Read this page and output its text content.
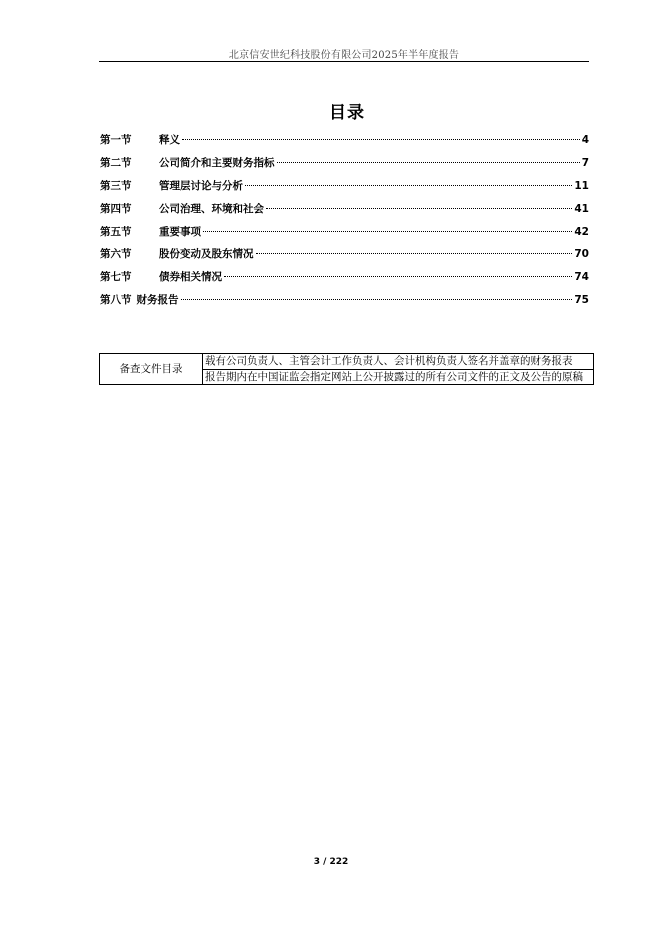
北京信安世纪科技股份有限公司2025年半年度报告
目录
第一节	释义	4
第二节	公司简介和主要财务指标	7
第三节	管理层讨论与分析	11
第四节	公司治理、环境和社会	41
第五节	重要事项	42
第六节	股份变动及股东情况	70
第七节	债券相关情况	74
第八节 财务报告	75
备查文件目录	载有公司负责人、主管会计工作负责人、会计机构负责人签名并盖章的财务报表
报告期内在中国证监会指定网站上公开披露过的所有公司文件的正文及公告的原稿
3 / 222
